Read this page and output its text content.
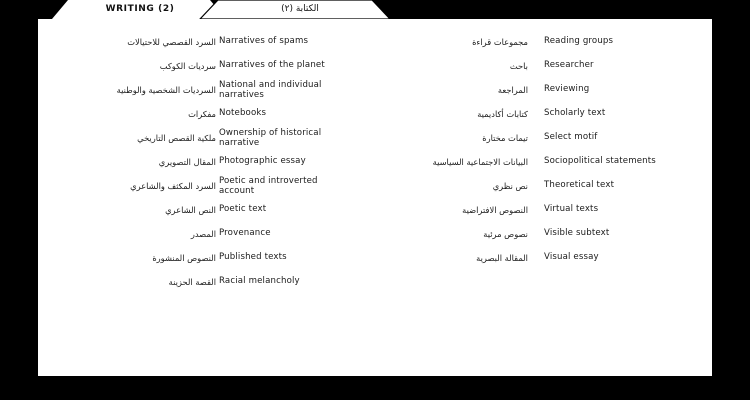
WRITING (2)	الكتابة (٢)
السرد القصصي للاحتيالات Narratives of spams
سرديات الكوكب Narratives of the planet
السرديات الشخصية والوطنية National and individual narratives
مفكرات Notebooks
ملكية القصص التاريخي Ownership of historical narrative
المقال التصويري Photographic essay
السرد المكثف والشاعري Poetic and introverted account
النص الشاعري Poetic text
المصدر Provenance
النصوص المنشورة Published texts
القصة الحزينة Racial melancholy
مجموعات قراءة Reading groups
باحث Researcher
المراجعة Reviewing
كتابات أكاديمية Scholarly text
تيمات مختارة Select motif
البيانات الاجتماعية السياسية Sociopolitical statements
نص نظري Theoretical text
النصوص الافتراضية Virtual texts
نصوص مرئية Visible subtext
المقالة البصرية Visual essay
